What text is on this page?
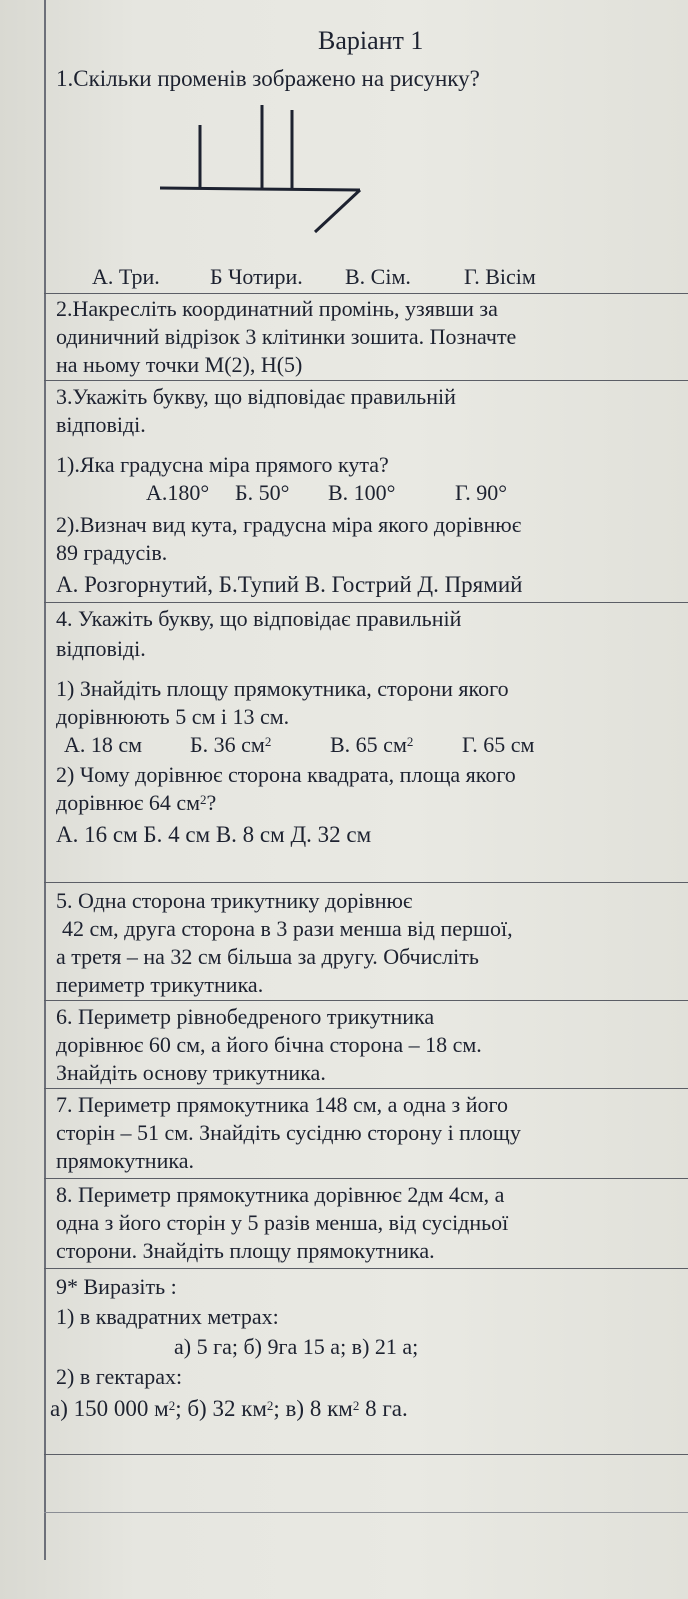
Варіант 1
1.Скільки променів зображено на рисунку?
А. Три. Б Чотири. В. Сім. Г. Вісім
2.Накресліть координатний промінь, узявши за
одиничний відрізок 3 клітинки зошита. Позначте
на ньому точки М(2), Н(5)
3.Укажіть букву, що відповідає правильній
відповіді.
1).Яка градусна міра прямого кута?
А.180° Б. 50° В. 100°	Г. 90°
2).Визнач вид кута, градусна міра якого дорівнює
89 градусів.
А. Розгорнутий, Б.Тупий В. Гострий Д. Прямий
4. Укажіть букву, що відповідає правильній
відповіді.
1) Знайдіть площу прямокутника, сторони якого
дорівнюють 5 см і 13 см.
А. 18 см Б. 36 $см^2$	В. 65 $см^2$ Г. 65 см
2) Чому дорівнює сторона квадрата, площа якого
дорівнює 64 $см^2$?
А. 16 см Б. 4 см В. 8 см Д. 32 см
5. Одна сторона трикутнику дорівнює
42 см, друга сторона в 3 рази менша від першої,
а третя – на 32 см більша за другу. Обчисліть
периметр трикутника.
6. Периметр рівнобедреного трикутника
дорівнює 60 см, а його бічна сторона – 18 см.
Знайдіть основу трикутника.
7. Периметр прямокутника 148 см, а одна з його
сторін – 51 см. Знайдіть сусідню сторону і площу
прямокутника.
8. Периметр прямокутника дорівнює 2дм 4см, а
одна з його сторін у 5 разів менша, від сусідньої
сторони. Знайдіть площу прямокутника.
9* Виразіть :
1) в квадратних метрах:
а) 5 га; б) 9га 15 а; в) 21 а;
2) в гектарах:
а) 150 000 $м^2$; б) 32 $км^2$; в) 8 $км^2$ 8 га.
